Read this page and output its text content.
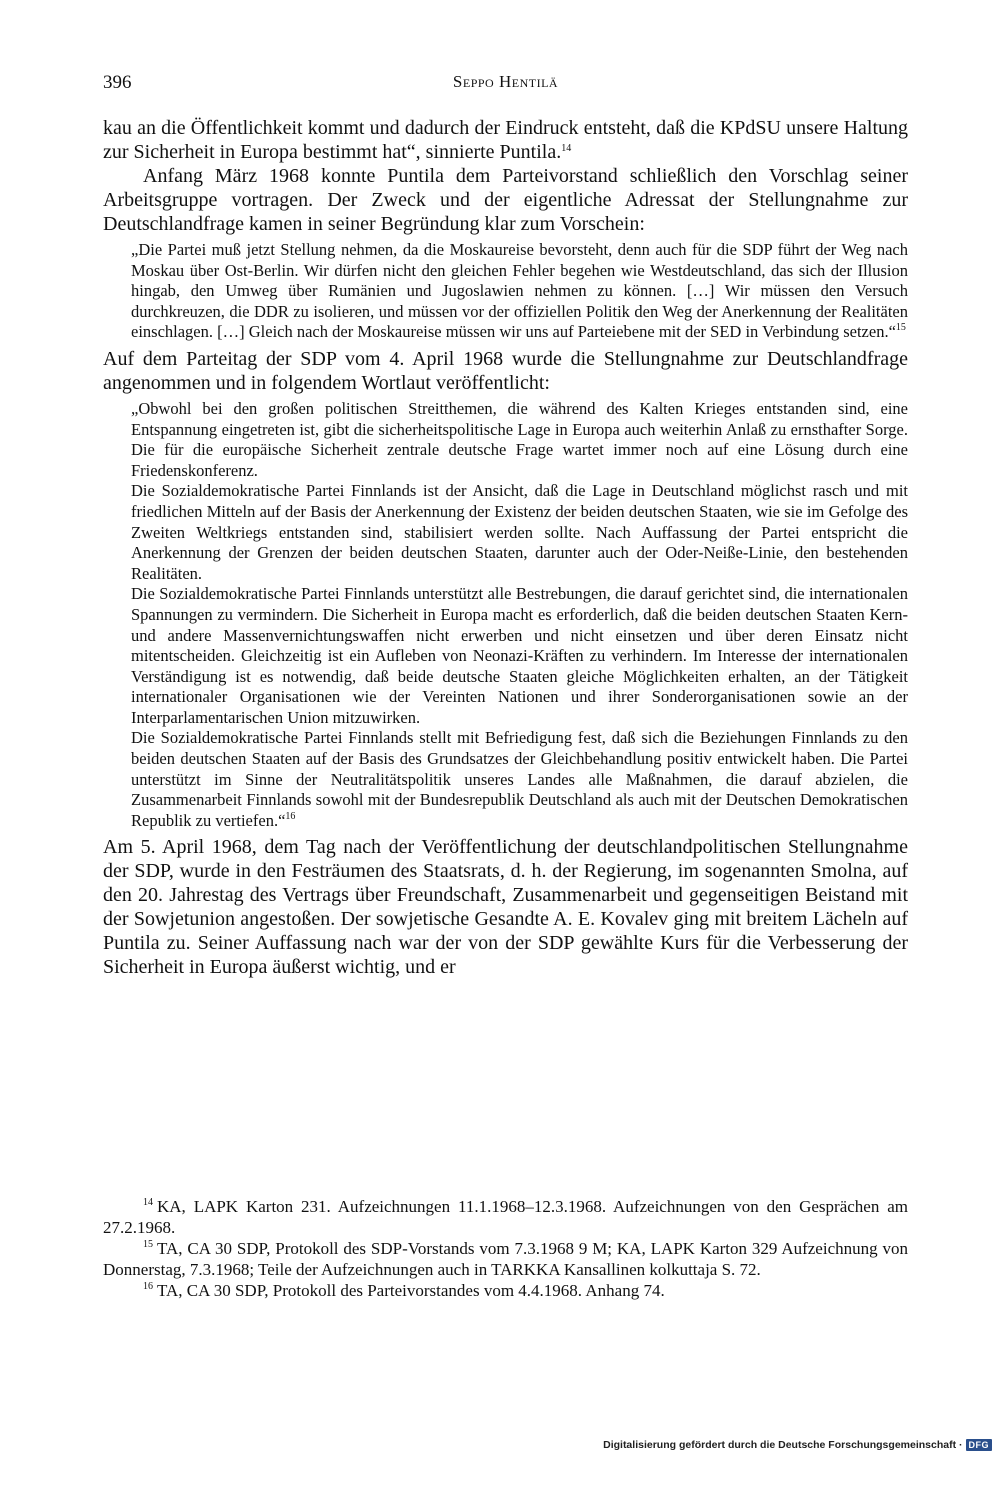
396	Seppo Hentilä

kau an die Öffentlichkeit kommt und dadurch der Eindruck entsteht, daß die KPdSU unsere Haltung zur Sicherheit in Europa bestimmt hat“, sinnierte Puntila.$^{14}$

Anfang März 1968 konnte Puntila dem Parteivorstand schließlich den Vorschlag seiner Arbeitsgruppe vortragen. Der Zweck und der eigentliche Adressat der Stellungnahme zur Deutschlandfrage kamen in seiner Begründung klar zum Vorschein:

„Die Partei muß jetzt Stellung nehmen, da die Moskaureise bevorsteht, denn auch für die SDP führt der Weg nach Moskau über Ost-Berlin. Wir dürfen nicht den gleichen Fehler begehen wie Westdeutschland, das sich der Illusion hingab, den Umweg über Rumänien und Jugoslawien nehmen zu können. […] Wir müssen den Versuch durchkreuzen, die DDR zu isolieren, und müssen vor der offiziellen Politik den Weg der Anerkennung der Realitäten einschlagen. […] Gleich nach der Moskaureise müssen wir uns auf Parteiebene mit der SED in Verbindung setzen.“$^{15}$

Auf dem Parteitag der SDP vom 4. April 1968 wurde die Stellungnahme zur Deutschlandfrage angenommen und in folgendem Wortlaut veröffentlicht:

„Obwohl bei den großen politischen Streitthemen, die während des Kalten Krieges entstanden sind, eine Entspannung eingetreten ist, gibt die sicherheitspolitische Lage in Europa auch weiterhin Anlaß zu ernsthafter Sorge. Die für die europäische Sicherheit zentrale deutsche Frage wartet immer noch auf eine Lösung durch eine Friedenskonferenz.

Die Sozialdemokratische Partei Finnlands ist der Ansicht, daß die Lage in Deutschland möglichst rasch und mit friedlichen Mitteln auf der Basis der Anerkennung der Existenz der beiden deutschen Staaten, wie sie im Gefolge des Zweiten Weltkriegs entstanden sind, stabilisiert werden sollte. Nach Auffassung der Partei entspricht die Anerkennung der Grenzen der beiden deutschen Staaten, darunter auch der Oder-Neiße-Linie, den bestehenden Realitäten.

Die Sozialdemokratische Partei Finnlands unterstützt alle Bestrebungen, die darauf gerichtet sind, die internationalen Spannungen zu vermindern. Die Sicherheit in Europa macht es erforderlich, daß die beiden deutschen Staaten Kern- und andere Massenvernichtungswaffen nicht erwerben und nicht einsetzen und über deren Einsatz nicht mitentscheiden. Gleichzeitig ist ein Aufleben von Neonazi-Kräften zu verhindern. Im Interesse der internationalen Verständigung ist es notwendig, daß beide deutsche Staaten gleiche Möglichkeiten erhalten, an der Tätigkeit internationaler Organisationen wie der Vereinten Nationen und ihrer Sonderorganisationen sowie an der Interparlamentarischen Union mitzuwirken.

Die Sozialdemokratische Partei Finnlands stellt mit Befriedigung fest, daß sich die Beziehungen Finnlands zu den beiden deutschen Staaten auf der Basis des Grundsatzes der Gleichbehandlung positiv entwickelt haben. Die Partei unterstützt im Sinne der Neutralitätspolitik unseres Landes alle Maßnahmen, die darauf abzielen, die Zusammenarbeit Finnlands sowohl mit der Bundesrepublik Deutschland als auch mit der Deutschen Demokratischen Republik zu vertiefen.“$^{16}$

Am 5. April 1968, dem Tag nach der Veröffentlichung der deutschlandpolitischen Stellungnahme der SDP, wurde in den Festräumen des Staatsrats, d. h. der Regierung, im sogenannten Smolna, auf den 20. Jahrestag des Vertrags über Freundschaft, Zusammenarbeit und gegenseitigen Beistand mit der Sowjetunion angestoßen. Der sowjetische Gesandte A. E. Kovalev ging mit breitem Lächeln auf Puntila zu. Seiner Auffassung nach war der von der SDP gewählte Kurs für die Verbesserung der Sicherheit in Europa äußerst wichtig, und er

$^{14}$ KA, LAPK Karton 231. Aufzeichnungen 11.1.1968–12.3.1968. Aufzeichnungen von den Gesprächen am 27.2.1968.

$^{15}$ TA, CA 30 SDP, Protokoll des SDP-Vorstands vom 7.3.1968 9 M; KA, LAPK Karton 329 Aufzeichnung von Donnerstag, 7.3.1968; Teile der Aufzeichnungen auch in TARKKA Kansallinen kolkuttaja S. 72.

$^{16}$ TA, CA 30 SDP, Protokoll des Parteivorstandes vom 4.4.1968. Anhang 74.

Digitalisierung gefördert durch die Deutsche Forschungsgemeinschaft · DFG
